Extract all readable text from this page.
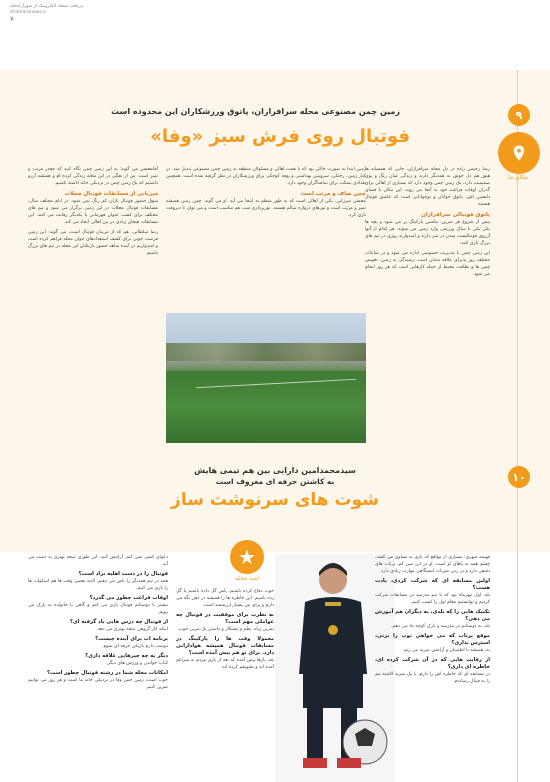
دریافت نسخه الکترونیک از شهرآرامحله
shahraranews.ir
۷
۹
مکان ما
زمین چمن مصنوعی محله سرافرازان، پاتوق ورزشکاران این محدوده است
فوتبال روی فرش سبز «وفا»

رضا رحیمی زاده در دل محله سرافرازان، جایی که همسایه ها هنوز هم دل خوش به همدیگر دارند و زندگی شان رنگ و بوی صمیمیت دارد، یک زمین چمن وجود دارد که بسیاری از اهالی برای گذران اوقات فراغت خود به آنجا می روند. این مکان با فضای دلنشین اش، پاتوق جوانان و نوجوانانی است که عاشق فوتبال هستند.

پاتوق فوتبالی سرافرازان

پیش از شروع هر تمرین، ماشین پارکینگ پر می شود و بچه ها یکی یکی با ساک ورزشی وارد زمین می شوند. هر کدام از آنها آرزوی فوتبالیست شدن در سر دارند و امیدوارند روزی در تیم های بزرگ بازی کنند.

این زمین چمن با مدیریت خصوصی اداره می شود و در ساعات مختلف روز پذیرای علاقه مندان است. رسیدگی به زمین، تعویض چمن ها و نظافت محیط از جمله کارهایی است که هر روز انجام می شود.

زمین ابتدا به صورت خاکی بود که با همت اهالی و مسئولان منطقه به زمین چمن مصنوعی تبدیل شد. در کنار زمین، رختکن، سرویس بهداشتی و بوفه کوچکی برای ورزشکاران در نظر گرفته شده است. همچنین تعدادی نیمکت برای تماشاگران وجود دارد.

چمن صاف و مرتب است

محسن میرزایی، یکی از اهالی است که به طور منظم به اینجا می آید. او می گوید: چمن زمین همیشه تمیز و مرتب است و تورهای دروازه سالم هستند. نورپردازی شب هم مناسب است و می توان تا دیروقت بازی کرد.

آقامحسن می گوید: به این زمین چمن نگاه کنید که چقدر مرتب و تمیز است. من از بچگی در این محله زندگی کرده ام و همیشه آرزو داشتیم که یک زمین چمن در نزدیکی خانه داشته باشیم.

میزبانی از مسابقات فوتبال محلات

شوق حضور فوتبال بازان کم رنگ نمی شود. در ایام مختلف سال، مسابقات فوتبال محلات در این زمین برگزار می شود و تیم های مختلف برای کسب عنوان قهرمانی با یکدیگر رقابت می کنند. این مسابقات هیجان زیادی در بین اهالی ایجاد می کند.

رضا سلطانی، هم که از مربیان فوتبال است، می گوید: این زمین فرصت خوبی برای کشف استعدادهای جوان محله فراهم کرده است و امیدواریم در آینده شاهد حضور بازیکنان این محله در تیم های بزرگ باشیم.

۱۰
سیدمحمدامین دارابی بین هم تیمی هایش
به کاشتن حرفه ای معروف است
شوت های سرنوشت ساز
★
امید محله

فهیمه شهری: بسیاری از مواقع که بازی به تساوی می کشد، چشم همه به پاهای او است. او در این سن کم، پرتاب های دقیقی دارد و در زدن ضربات ایستگاهی مهارت زیادی دارد.

اولین مسابقه ای که شرکت کردی، یادت هست؟

بله، اول مهرماه بود که با تیم مدرسه در مسابقات شرکت کردیم و توانستیم مقام اول را کسب کنیم.

تکنیک هایی را که بلدی، به دیگران هم آموزش می دهی؟

بله، به دوستانم در مدرسه و پارک کوچه یاد می دهم.

موقع پرتاب که می خواهی توپ را بزنی، استرس نداری؟

نه، همیشه با اطمینان و آرامش ضربه می زنم.

از رقابت هایی که در آن شرکت کرده ای، خاطره ای داری؟

در مسابقه ای که خاطره اش را دارم، با یک ضربه کاشته تیم را به فینال رساندم.

خوب دفاع کرده باشیم، پاس گل داده باشیم یا گل زده باشیم. این خاطره ها را همیشه در ذهن نگه می دارم و برای من بسیار ارزشمند است.

به نظرت برای موفقیت در فوتبال چه عواملی مهم است؟

تمرین زیاد، نظم و پشتکار و داشتن یک مربی خوب.

معمولا وقت ها را پارکینگ در مسابقات فوتبال همیشه هوادارانی دارد. برای تو هم پیش آمده است؟

بله، بارها پیش آمده که بعد از بازی مردم به سراغم آمده اند و تشویقم کرده اند.

دعوای کسی نمی کنم. آرامش کنید. این طوری نتیجه بهتری به دست می آید.

فوتبال را در دست اهلیه نژاد است؟

همه در تیم همدیگر را پاس می دهیم، البته بعضی وقت ها هم اسکوات ها را بازی می کنیم.

اوقات فراغت چطور می گذرد؟

بیشتر با دوستانم فوتبال بازی می کنم و گاهی با خانواده به پارک می رویم.

از فوتبال چه درس هایی یاد گرفته ای؟

اینکه کار گروهی نتیجه بهتری می دهد.

برنامه ات برای آینده چیست؟

دوست دارم بازیکن حرفه ای شوم.

دیگر به چه چیزهایی علاقه داری؟

کتاب خواندن و ورزش های دیگر.

امکانات محله شما در رشته فوتبال چطور است؟

خوب است، زمین چمن وفا در نزدیکی خانه ما است و هر روز می توانیم تمرین کنیم.
